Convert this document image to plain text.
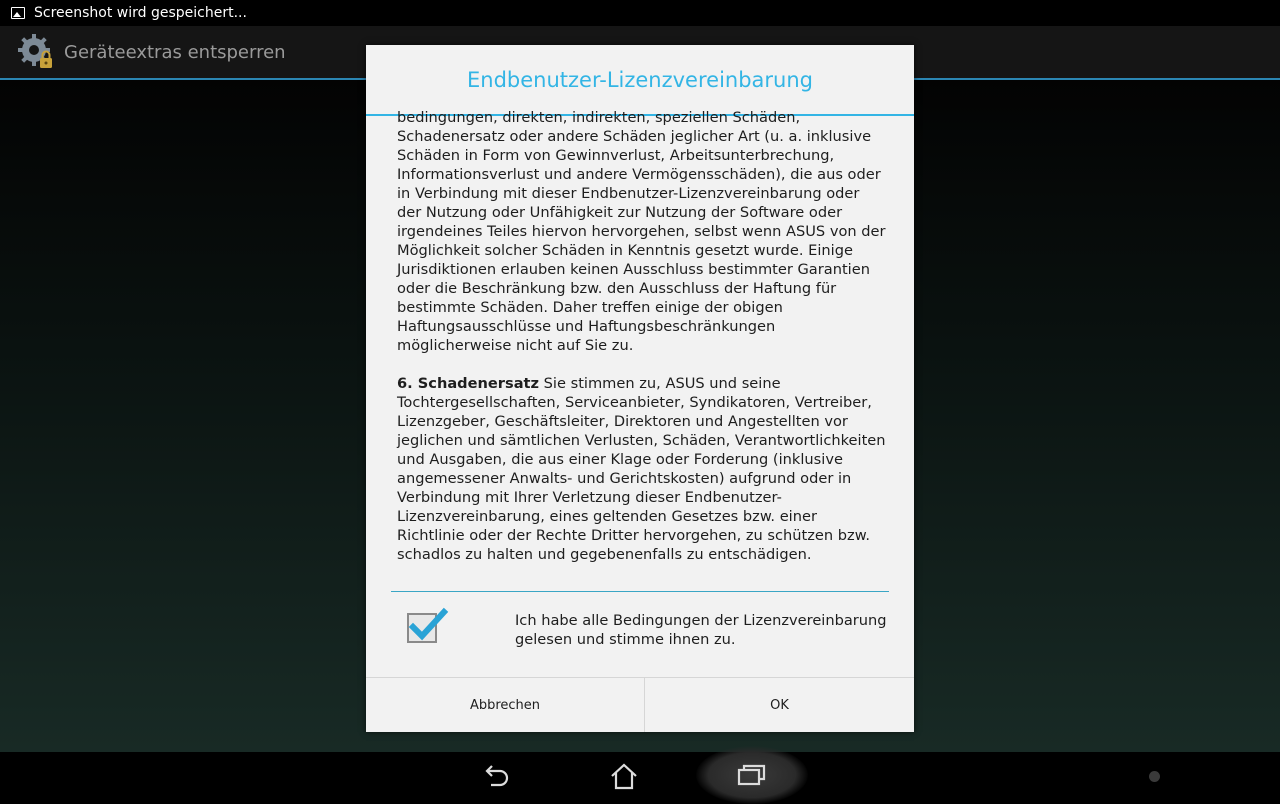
Screenshot wird gespeichert...
Geräteextras entsperren
Endbenutzer-Lizenzvereinbarung

bedingungen, direkten, indirekten, speziellen Schäden, Schadenersatz oder andere Schäden jeglicher Art (u. a. inklusive Schäden in Form von Gewinnverlust, Arbeitsunterbrechung, Informationsverlust und andere Vermögensschäden), die aus oder in Verbindung mit dieser Endbenutzer-Lizenzvereinbarung oder der Nutzung oder Unfähigkeit zur Nutzung der Software oder irgendeines Teiles hiervon hervorgehen, selbst wenn ASUS von der Möglichkeit solcher Schäden in Kenntnis gesetzt wurde. Einige Jurisdiktionen erlauben keinen Ausschluss bestimmter Garantien oder die Beschränkung bzw. den Ausschluss der Haftung für bestimmte Schäden. Daher treffen einige der obigen Haftungsausschlüsse und Haftungsbeschränkungen möglicherweise nicht auf Sie zu.

6. Schadenersatz Sie stimmen zu, ASUS und seine Tochtergesellschaften, Serviceanbieter, Syndikatoren, Vertreiber, Lizenzgeber, Geschäftsleiter, Direktoren und Angestellten vor jeglichen und sämtlichen Verlusten, Schäden, Verantwortlichkeiten und Ausgaben, die aus einer Klage oder Forderung (inklusive angemessener Anwalts- und Gerichtskosten) aufgrund oder in Verbindung mit Ihrer Verletzung dieser Endbenutzer-Lizenzvereinbarung, eines geltenden Gesetzes bzw. einer Richtlinie oder der Rechte Dritter hervorgehen, zu schützen bzw. schadlos zu halten und gegebenenfalls zu entschädigen.

Ich habe alle Bedingungen der Lizenzvereinbarung gelesen und stimme ihnen zu.
Abbrechen	OK
